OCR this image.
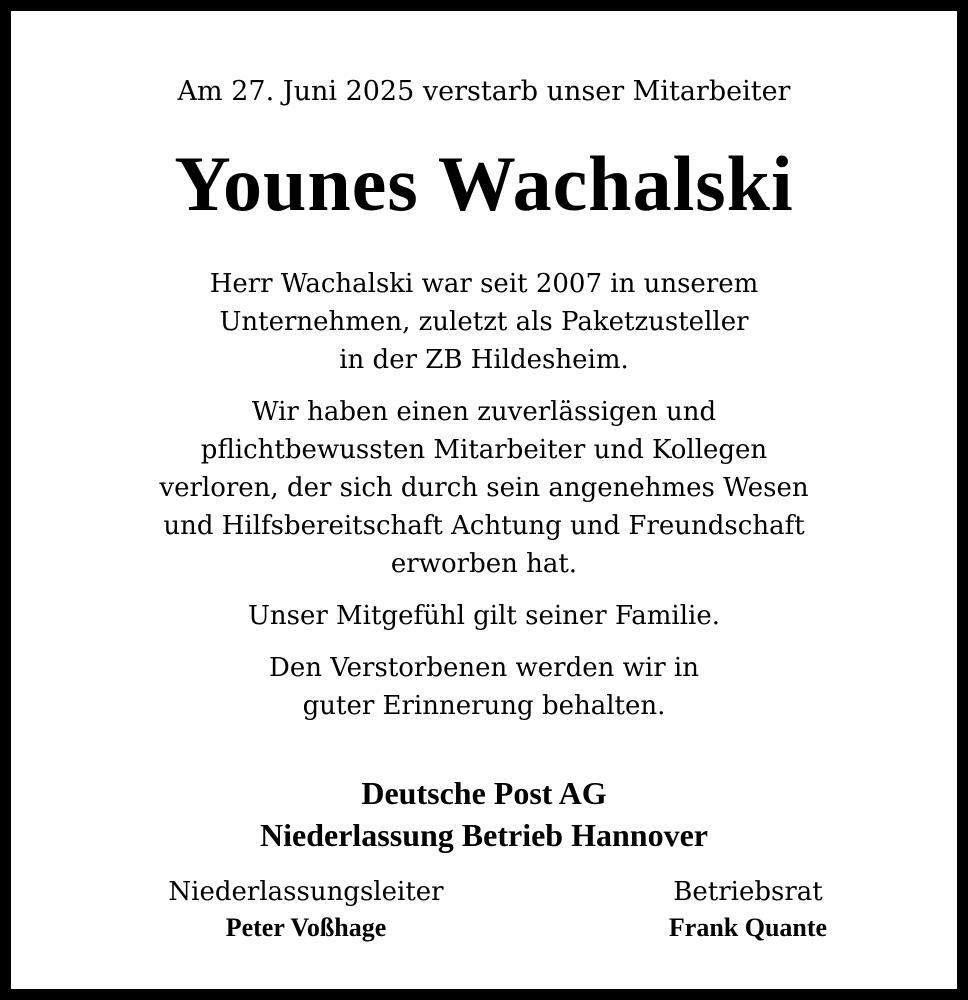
Am 27. Juni 2025 verstarb unser Mitarbeiter
Younes Wachalski
Herr Wachalski war seit 2007 in unserem
Unternehmen, zuletzt als Paketzusteller
in der ZB Hildesheim.
Wir haben einen zuverlässigen und
pflichtbewussten Mitarbeiter und Kollegen
verloren, der sich durch sein angenehmes Wesen
und Hilfsbereitschaft Achtung und Freundschaft
erworben hat.
Unser Mitgefühl gilt seiner Familie.
Den Verstorbenen werden wir in
guter Erinnerung behalten.
Deutsche Post AG
Niederlassung Betrieb Hannover
Niederlassungsleiter
Peter Voßhage
Betriebsrat
Frank Quante
